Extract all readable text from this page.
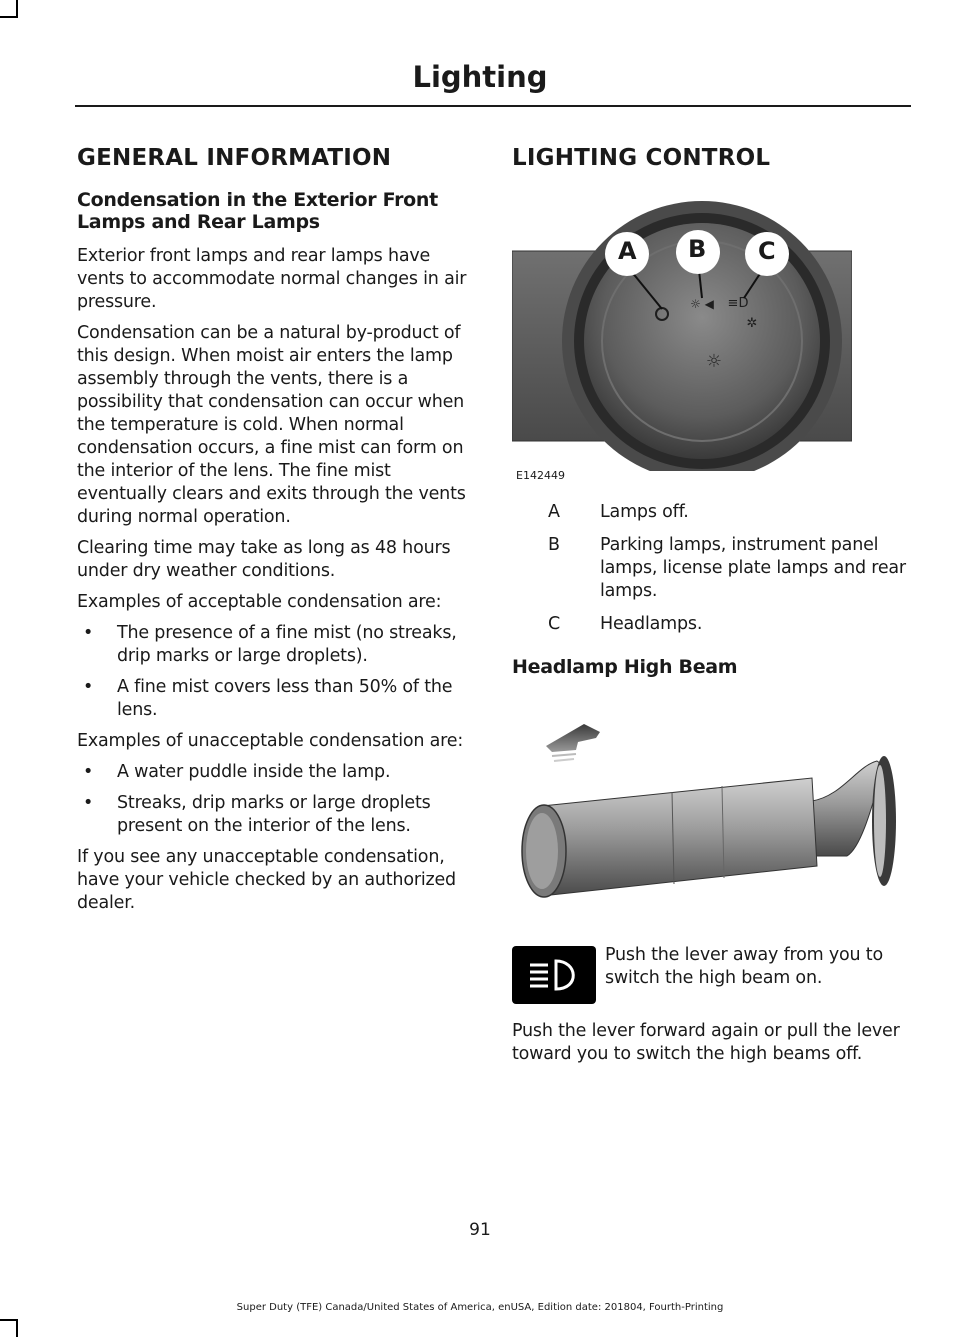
Lighting
GENERAL INFORMATION
Condensation in the Exterior Front Lamps and Rear Lamps

Exterior front lamps and rear lamps have vents to accommodate normal changes in air pressure.

Condensation can be a natural by-product of this design. When moist air enters the lamp assembly through the vents, there is a possibility that condensation can occur when the temperature is cold. When normal condensation occurs, a fine mist can form on the interior of the lens. The fine mist eventually clears and exits through the vents during normal operation.

Clearing time may take as long as 48 hours under dry weather conditions.

Examples of acceptable condensation are:

• The presence of a fine mist (no streaks, drip marks or large droplets).
• A fine mist covers less than 50% of the lens.

Examples of unacceptable condensation are:

• A water puddle inside the lamp.
• Streaks, drip marks or large droplets present on the interior of the lens.

If you see any unacceptable condensation, have your vehicle checked by an authorized dealer.

LIGHTING CONTROL
☼ ◀ ≡D
✲
☼
A B C
E142449
A	Lamps off.
B	Parking lamps, instrument panel lamps, license plate lamps and rear lamps.
C	Headlamps.
Headlamp High Beam

Push the lever away from you to switch the high beam on.

Push the lever forward again or pull the lever toward you to switch the high beams off.

91
Super Duty (TFE) Canada/United States of America, enUSA, Edition date: 201804, Fourth-Printing
